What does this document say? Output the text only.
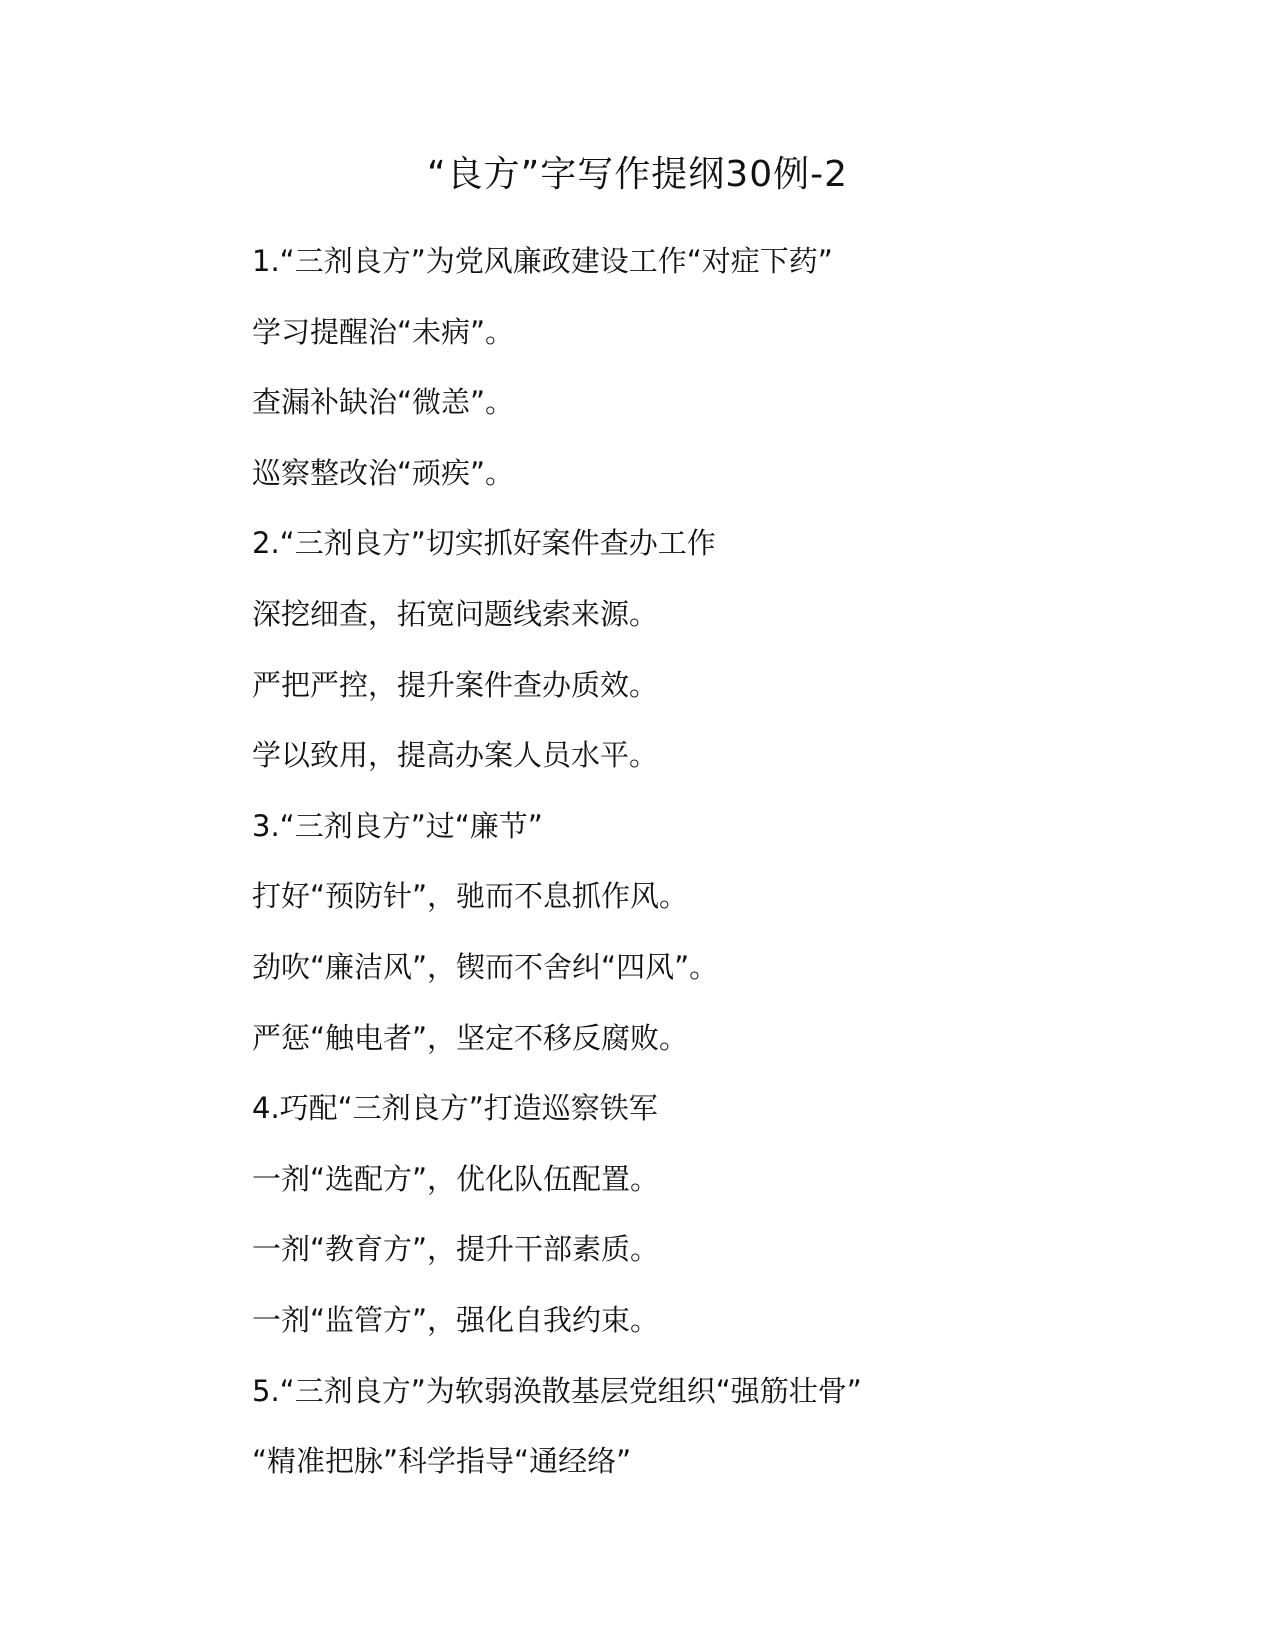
“良方”字写作提纲30例-2
1.“三剂良方”为党风廉政建设工作“对症下药”
学习提醒治“未病”。
查漏补缺治“微恙”。
巡察整改治“顽疾”。
2.“三剂良方”切实抓好案件查办工作
深挖细查，拓宽问题线索来源。
严把严控，提升案件查办质效。
学以致用，提高办案人员水平。
3.“三剂良方”过“廉节”
打好“预防针”，驰而不息抓作风。
劲吹“廉洁风”，锲而不舍纠“四风”。
严惩“触电者”，坚定不移反腐败。
4.巧配“三剂良方”打造巡察铁军
一剂“选配方”，优化队伍配置。
一剂“教育方”，提升干部素质。
一剂“监管方”，强化自我约束。
5.“三剂良方”为软弱涣散基层党组织“强筋壮骨”
“精准把脉”科学指导“通经络”
